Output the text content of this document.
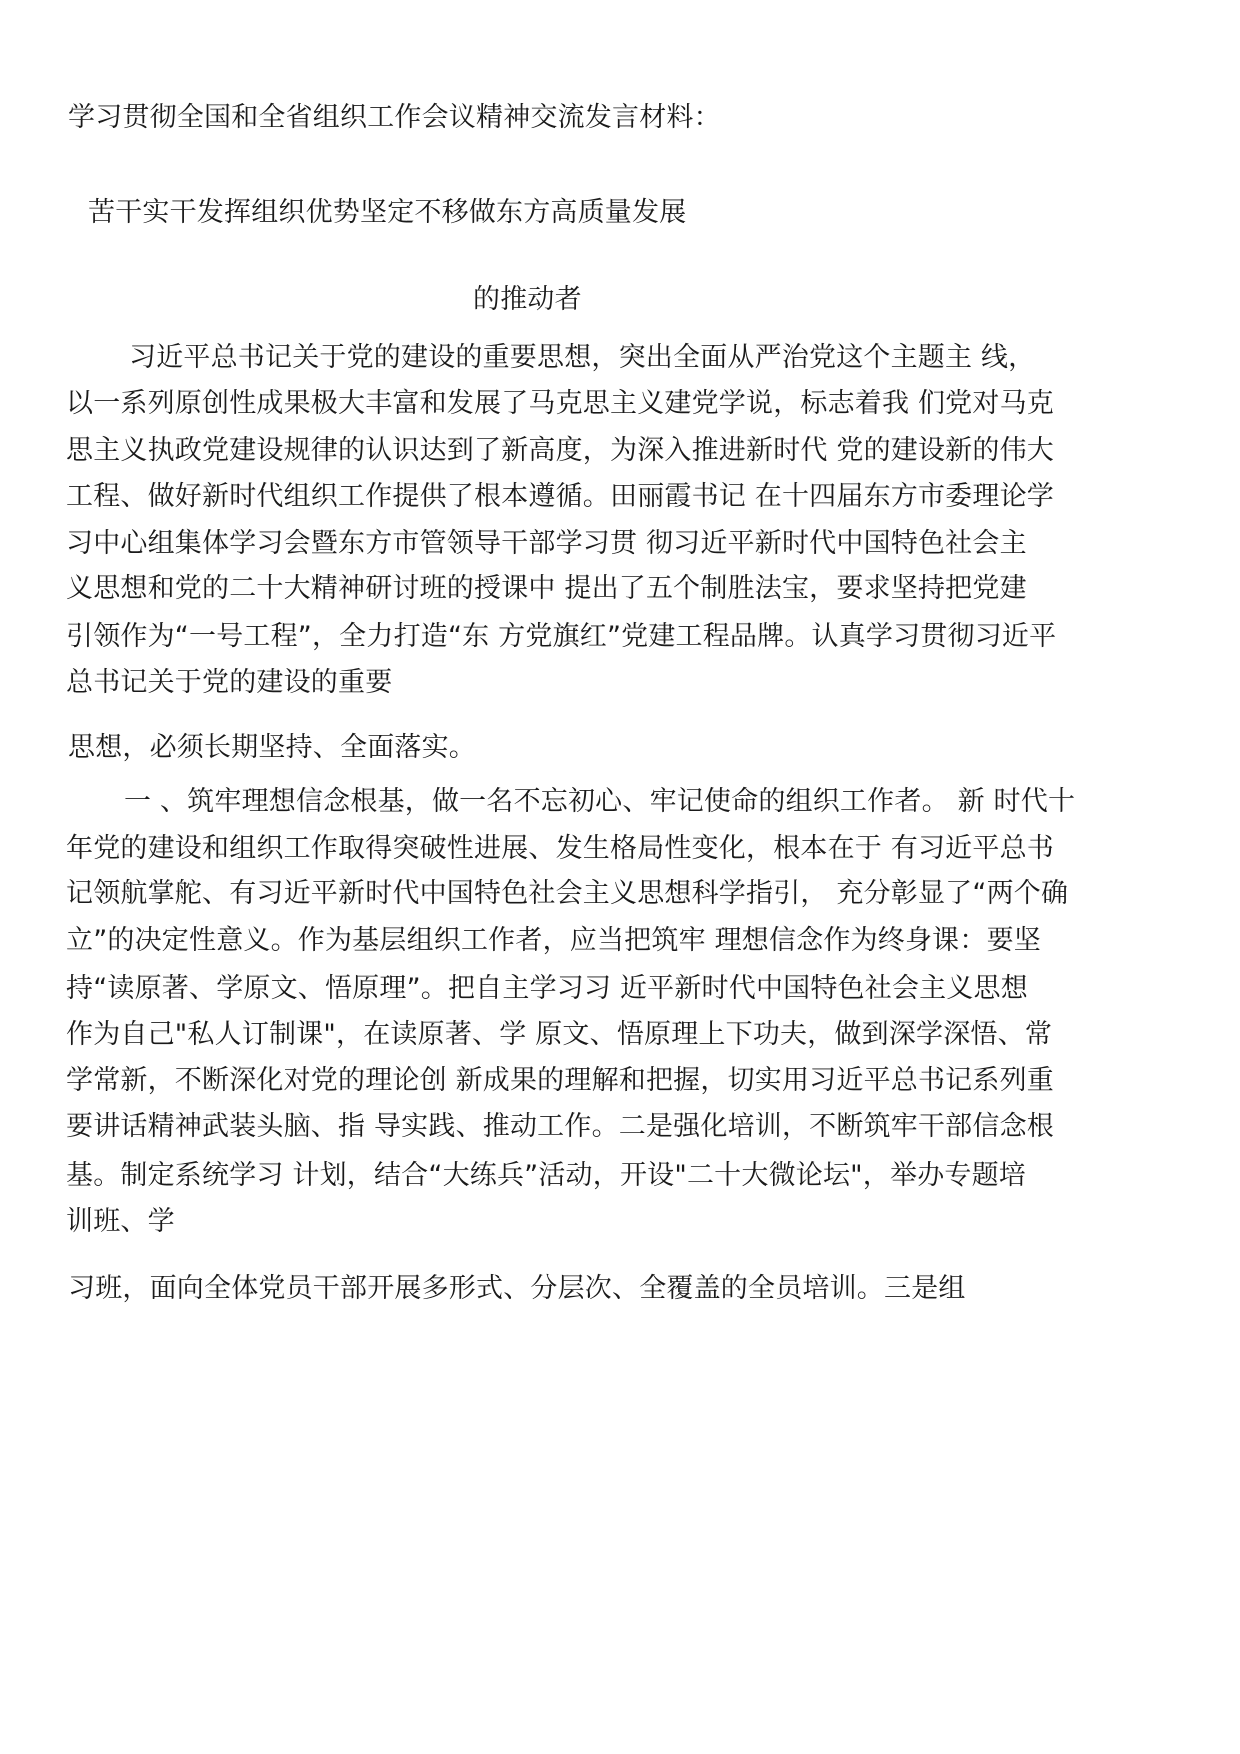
学习贯彻全国和全省组织工作会议精神交流发言材料：
苦干实干发挥组织优势坚定不移做东方高质量发展
的推动者
习近平总书记关于党的建设的重要思想，突出全面从严治党这个主题主 线，
以一系列原创性成果极大丰富和发展了马克思主义建党学说，标志着我 们党对马克
思主义执政党建设规律的认识达到了新高度，为深入推进新时代 党的建设新的伟大
工程、做好新时代组织工作提供了根本遵循。田丽霞书记 在十四届东方市委理论学
习中心组集体学习会暨东方市管领导干部学习贯 彻习近平新时代中国特色社会主
义思想和党的二十大精神研讨班的授课中 提出了五个制胜法宝，要求坚持把党建
引领作为“一号工程”，全力打造“东 方党旗红”党建工程品牌。认真学习贯彻习近平
总书记关于党的建设的重要
思想，必须长期坚持、全面落实。
一 、筑牢理想信念根基，做一名不忘初心、牢记使命的组织工作者。 新 时代十
年党的建设和组织工作取得突破性进展、发生格局性变化，根本在于 有习近平总书
记领航掌舵、有习近平新时代中国特色社会主义思想科学指引， 充分彰显了“两个确
立”的决定性意义。作为基层组织工作者，应当把筑牢 理想信念作为终身课：要坚
持“读原著、学原文、悟原理”。把自主学习习 近平新时代中国特色社会主义思想
作为自己"私人订制课"，在读原著、学 原文、悟原理上下功夫，做到深学深悟、常
学常新，不断深化对党的理论创 新成果的理解和把握，切实用习近平总书记系列重
要讲话精神武装头脑、指 导实践、推动工作。二是强化培训，不断筑牢干部信念根
基。制定系统学习 计划，结合“大练兵”活动，开设"二十大微论坛"，举办专题培
训班、学
习班，面向全体党员干部开展多形式、分层次、全覆盖的全员培训。三是组
